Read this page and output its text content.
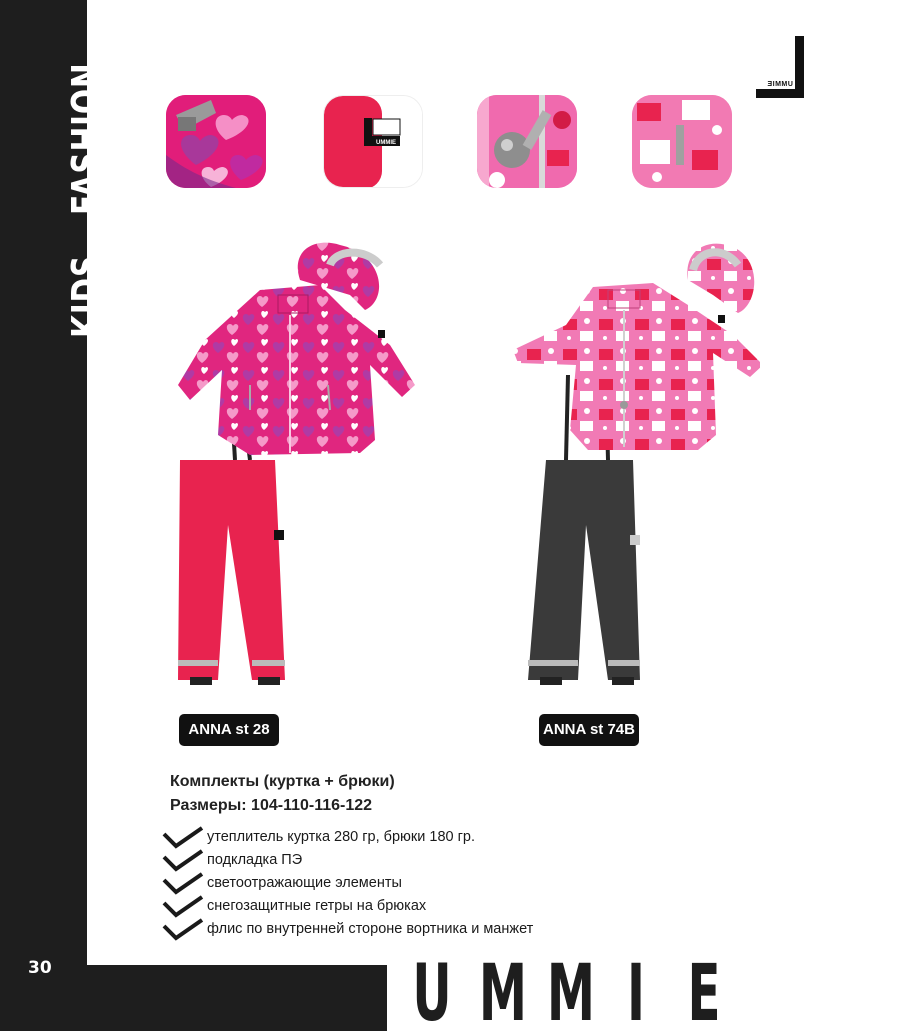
KIDSFASHION
30
UMMIE
UMMIE
ANNA st 28	ANNA st 74B
Комплекты (куртка + брюки)
Размеры: 104-110-116-122
утеплитель куртка 280 гр, брюки 180 гр.
подкладка ПЭ
светоотражающие элементы
снегозащитные гетры на брюках
флис по внутренней стороне вортника и манжет
U M M I E
